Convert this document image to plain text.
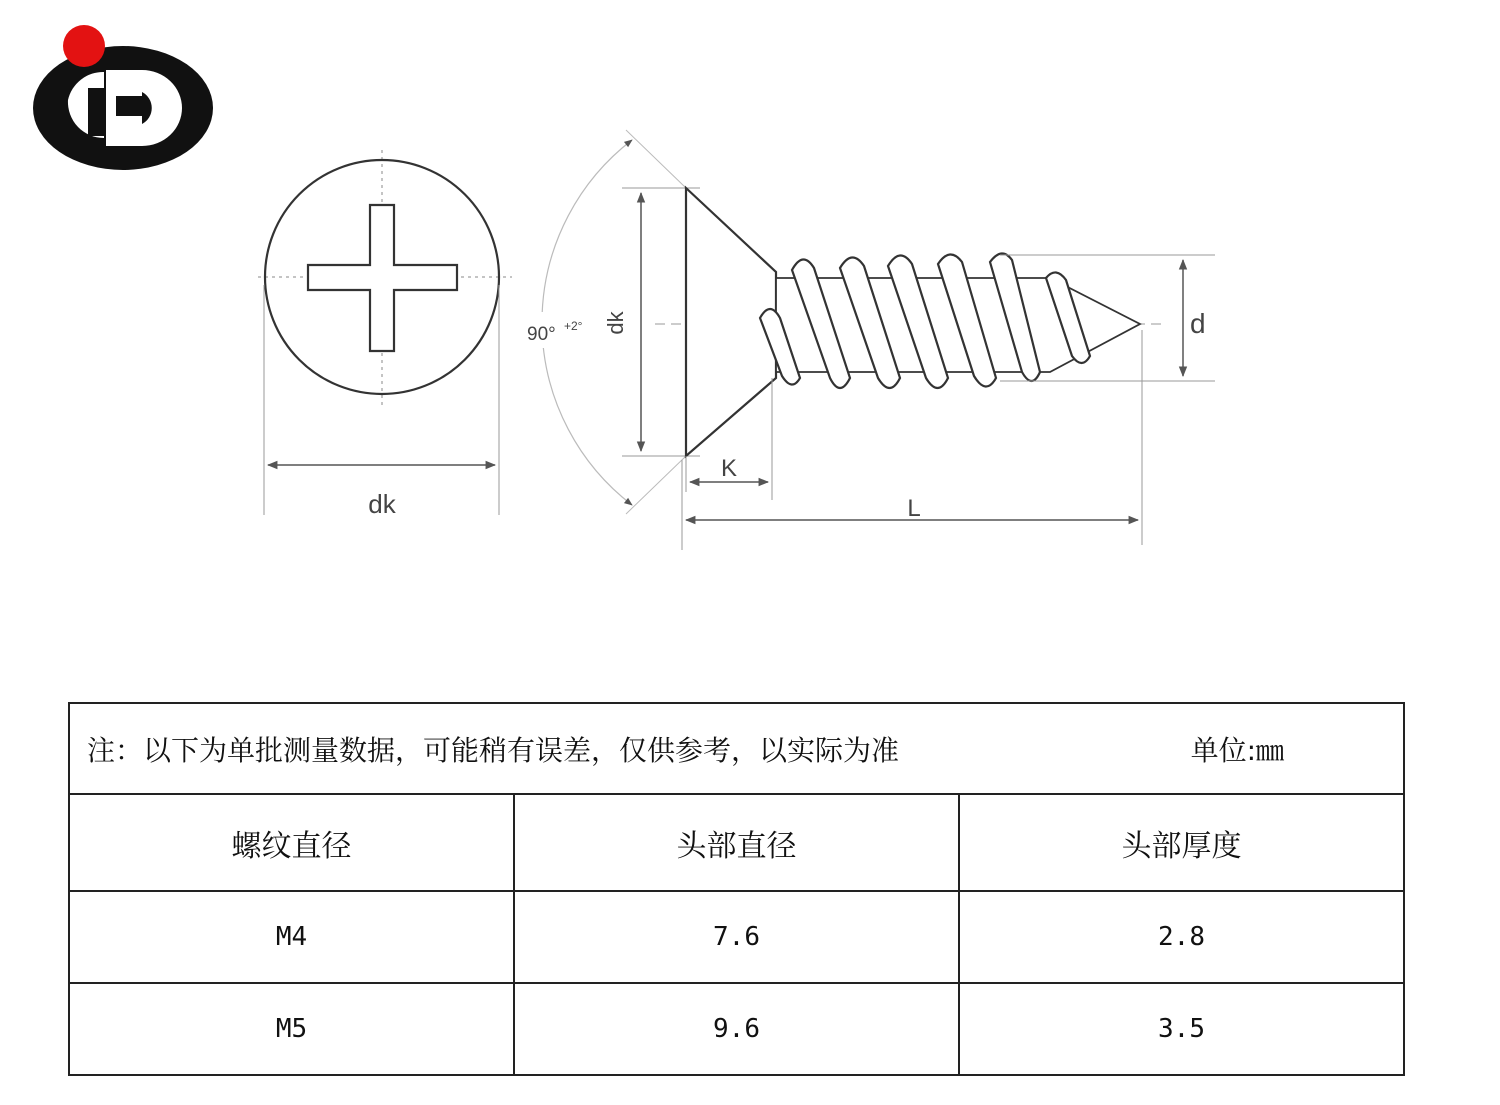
dk
90° +2° dk	d
K
L
注：以下为单批测量数据，可能稍有误差，仅供参考，以实际为准 单位:㎜		

螺纹直径	头部直径	头部厚度
M4	7.6	2.8
M5	9.6	3.5
